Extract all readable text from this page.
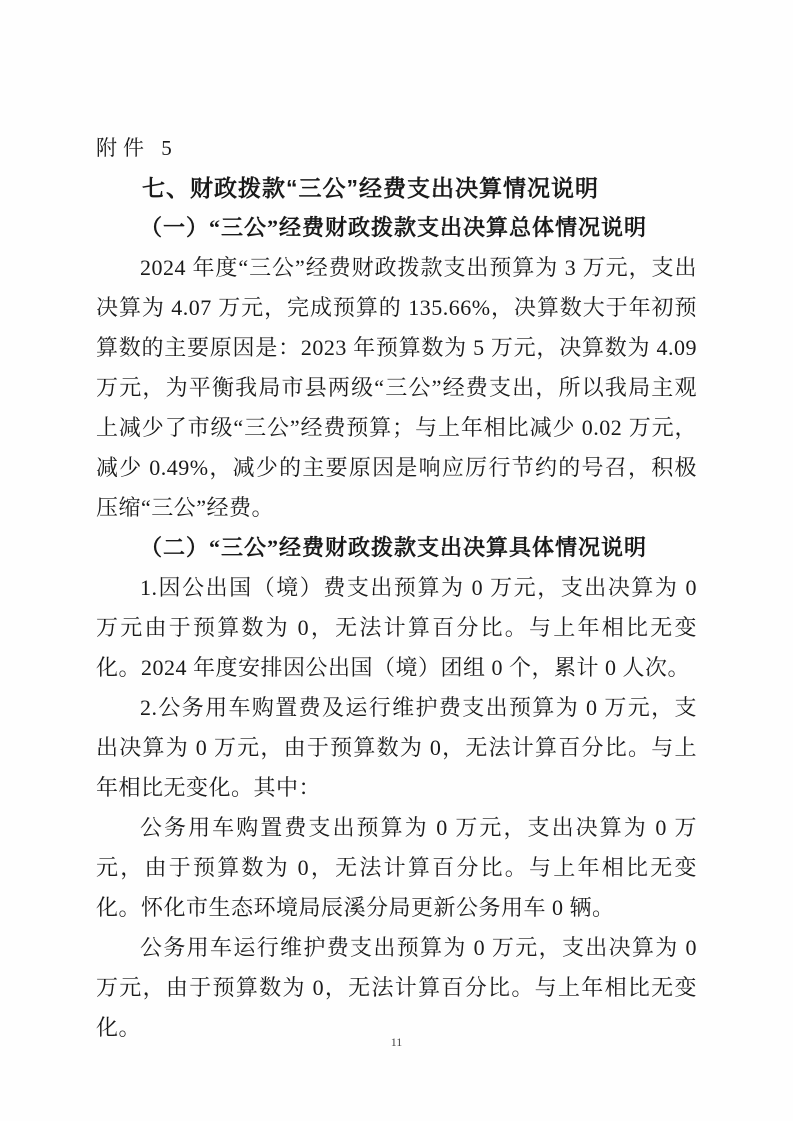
附件 5
七、财政拨款“三公”经费支出决算情况说明
（一）“三公”经费财政拨款支出决算总体情况说明

2024 年度“三公”经费财政拨款支出预算为 3 万元，支出决算为 4.07 万元，完成预算的 135.66%，决算数大于年初预算数的主要原因是：2023 年预算数为 5 万元，决算数为 4.09 万元，为平衡我局市县两级“三公”经费支出，所以我局主观上减少了市级“三公”经费预算；与上年相比减少 0.02 万元，减少 0.49%，减少的主要原因是响应厉行节约的号召，积极压缩“三公”经费。

（二）“三公”经费财政拨款支出决算具体情况说明

1.因公出国（境）费支出预算为 0 万元，支出决算为 0 万元由于预算数为 0，无法计算百分比。与上年相比无变化。2024 年度安排因公出国（境）团组 0 个，累计 0 人次。

2.公务用车购置费及运行维护费支出预算为 0 万元，支出决算为 0 万元，由于预算数为 0，无法计算百分比。与上年相比无变化。其中：

公务用车购置费支出预算为 0 万元，支出决算为 0 万元，由于预算数为 0，无法计算百分比。与上年相比无变化。怀化市生态环境局辰溪分局更新公务用车 0 辆。

公务用车运行维护费支出预算为 0 万元，支出决算为 0 万元，由于预算数为 0，无法计算百分比。与上年相比无变化。

11
